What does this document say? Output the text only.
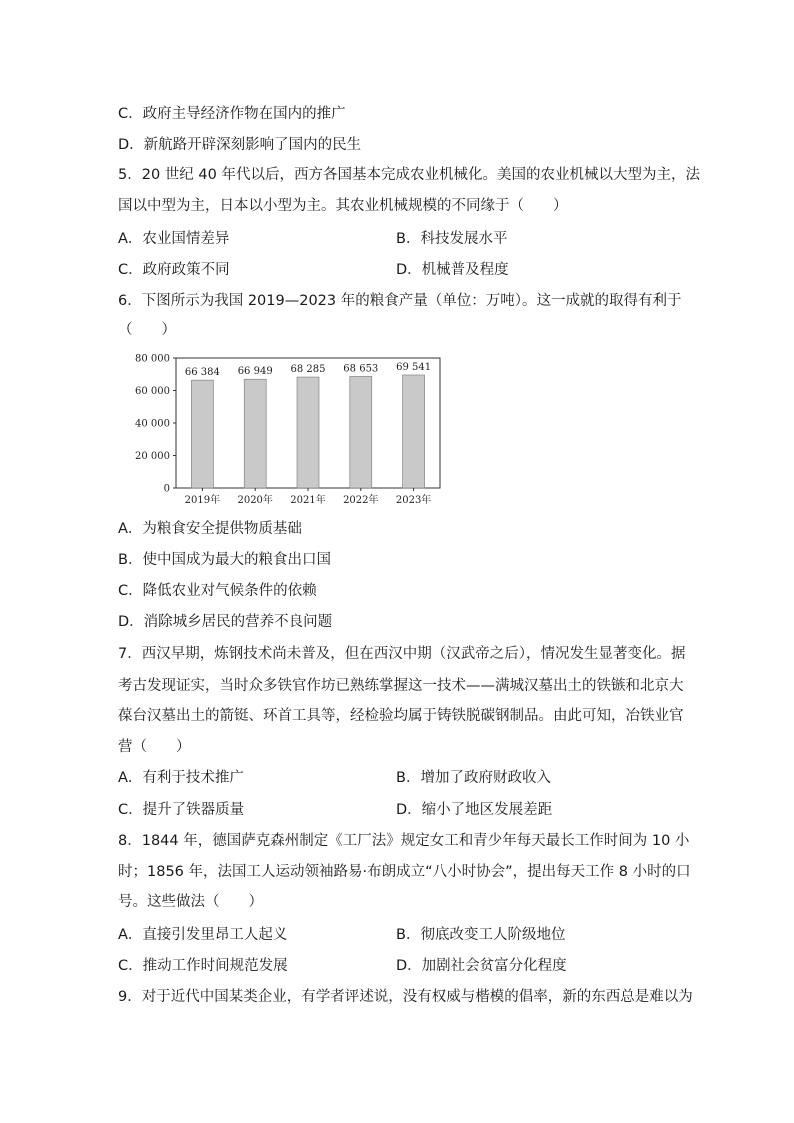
C．政府主导经济作物在国内的推广
D．新航路开辟深刻影响了国内的民生
5．20 世纪 40 年代以后，西方各国基本完成农业机械化。美国的农业机械以大型为主，法
国以中型为主，日本以小型为主。其农业机械规模的不同缘于（　　）
A．农业国情差异	B．科技发展水平
C．政府政策不同	D．机械普及程度
6．下图所示为我国 2019—2023 年的粮食产量（单位：万吨）。这一成就的取得有利于
（　　）
0
20 000
40 000
60 000
80 000
66 384
2019年
66 949
2020年
68 285
2021年
68 653
2022年
69 541
2023年
A．为粮食安全提供物质基础
B．使中国成为最大的粮食出口国
C．降低农业对气候条件的依赖
D．消除城乡居民的营养不良问题
7．西汉早期，炼钢技术尚未普及，但在西汉中期（汉武帝之后），情况发生显著变化。据
考古发现证实，当时众多铁官作坊已熟练掌握这一技术——满城汉墓出土的铁镞和北京大
葆台汉墓出土的箭铤、环首工具等，经检验均属于铸铁脱碳钢制品。由此可知，冶铁业官
营（　　）
A．有利于技术推广	B．增加了政府财政收入
C．提升了铁器质量	D．缩小了地区发展差距
8．1844 年，德国萨克森州制定《工厂法》规定女工和青少年每天最长工作时间为 10 小
时；1856 年，法国工人运动领袖路易·布朗成立“八小时协会”，提出每天工作 8 小时的口
号。这些做法（　　）
A．直接引发里昂工人起义	B．彻底改变工人阶级地位
C．推动工作时间规范发展	D．加剧社会贫富分化程度
9．对于近代中国某类企业，有学者评述说，没有权威与楷模的倡率，新的东西总是难以为
